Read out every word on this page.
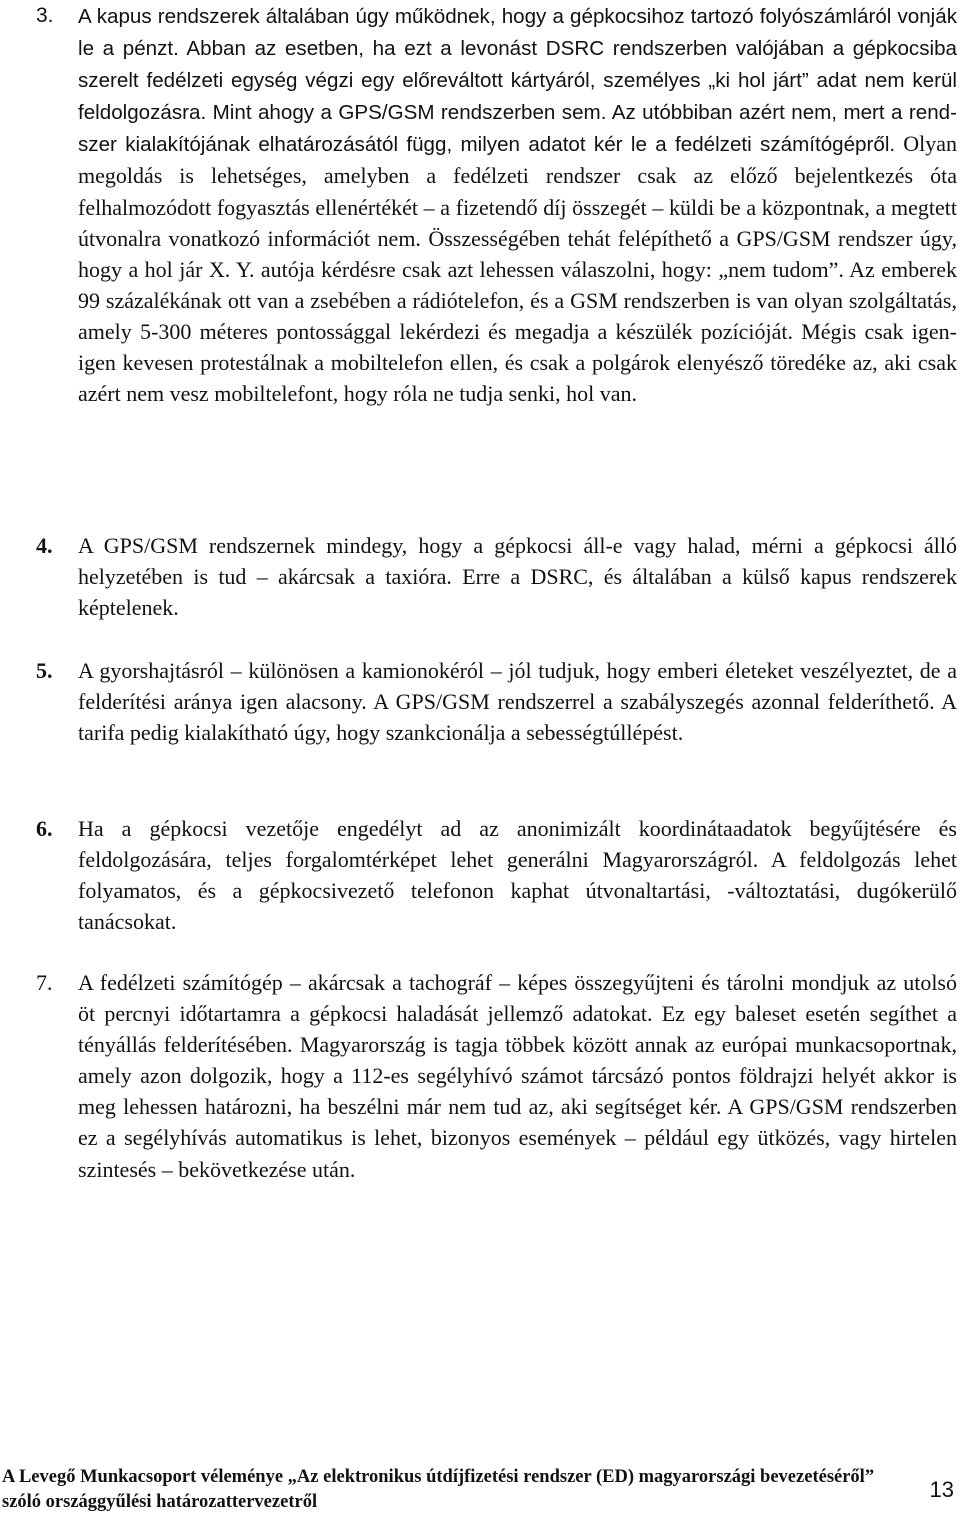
3. A kapus rendszerek általában úgy működnek, hogy a gépkocsihoz tartozó folyószámláról vonják le a pénzt. Abban az esetben, ha ezt a levonást DSRC rendszerben valójában a gépkocsiba szerelt fedélzeti egység végzi egy előreváltott kártyáról, személyes „ki hol járt” adat nem kerül feldolgozásra. Mint ahogy a GPS/GSM rendszerben sem. Az utóbbiban azért nem, mert a rendszer kialakítójának elhatározásától függ, milyen adatot kér le a fedélzeti számítógépről. Olyan megoldás is lehetséges, amelyben a fedélzeti rendszer csak az előző bejelentkezés óta felhalmozódott fogyasztás ellenértékét – a fizetendő díj összegét – küldi be a központnak, a megtett útvonalra vonatkozó információt nem. Összességében tehát felépíthető a GPS/GSM rendszer úgy, hogy a hol jár X. Y. autója kérdésre csak azt lehessen válaszolni, hogy: „nem tudom”. Az emberek 99 százalékának ott van a zsebében a rádiótelefon, és a GSM rendszerben is van olyan szolgáltatás, amely 5-300 méteres pontossággal lekérdezi és megadja a készülék pozícióját. Mégis csak igen-igen kevesen protestálnak a mobiltelefon ellen, és csak a polgárok elenyésző töredéke az, aki csak azért nem vesz mobiltelefont, hogy róla ne tudja senki, hol van.
4. A GPS/GSM rendszernek mindegy, hogy a gépkocsi áll-e vagy halad, mérni a gépkocsi álló helyzetében is tud – akárcsak a taxióra. Erre a DSRC, és általában a külső kapus rendszerek képtelenek.
5. A gyorshajtásról – különösen a kamionokéról – jól tudjuk, hogy emberi életeket veszélyeztet, de a felderítési aránya igen alacsony. A GPS/GSM rendszerrel a szabályszegés azonnal felderíthető. A tarifa pedig kialakítható úgy, hogy szankcionálja a sebességtúllépést.
6. Ha a gépkocsi vezetője engedélyt ad az anonimizált koordinátaadatok begyűjtésére és feldolgozására, teljes forgalomtérképet lehet generálni Magyarországról. A feldolgozás lehet folyamatos, és a gépkocsivezető telefonon kaphat útvonaltartási, -változtatási, dugókerülő tanácsokat.
7. A fedélzeti számítógép – akárcsak a tachográf – képes összegyűjteni és tárolni mondjuk az utolsó öt percnyi időtartamra a gépkocsi haladását jellemző adatokat. Ez egy baleset esetén segíthet a tényállás felderítésében. Magyarország is tagja többek között annak az európai munkacsoportnak, amely azon dolgozik, hogy a 112-es segélyhívó számot tárcsázó pontos földrajzi helyét akkor is meg lehessen határozni, ha beszélni már nem tud az, aki segítséget kér. A GPS/GSM rendszerben ez a segélyhívás automatikus is lehet, bizonyos események – például egy ütközés, vagy hirtelen szintesés – bekövetkezése után.
A Levegő Munkacsoport véleménye „Az elektronikus útdíjfizetési rendszer (ED) magyarországi bevezetéséről” szóló országgyűlési határozattervezetről	13
